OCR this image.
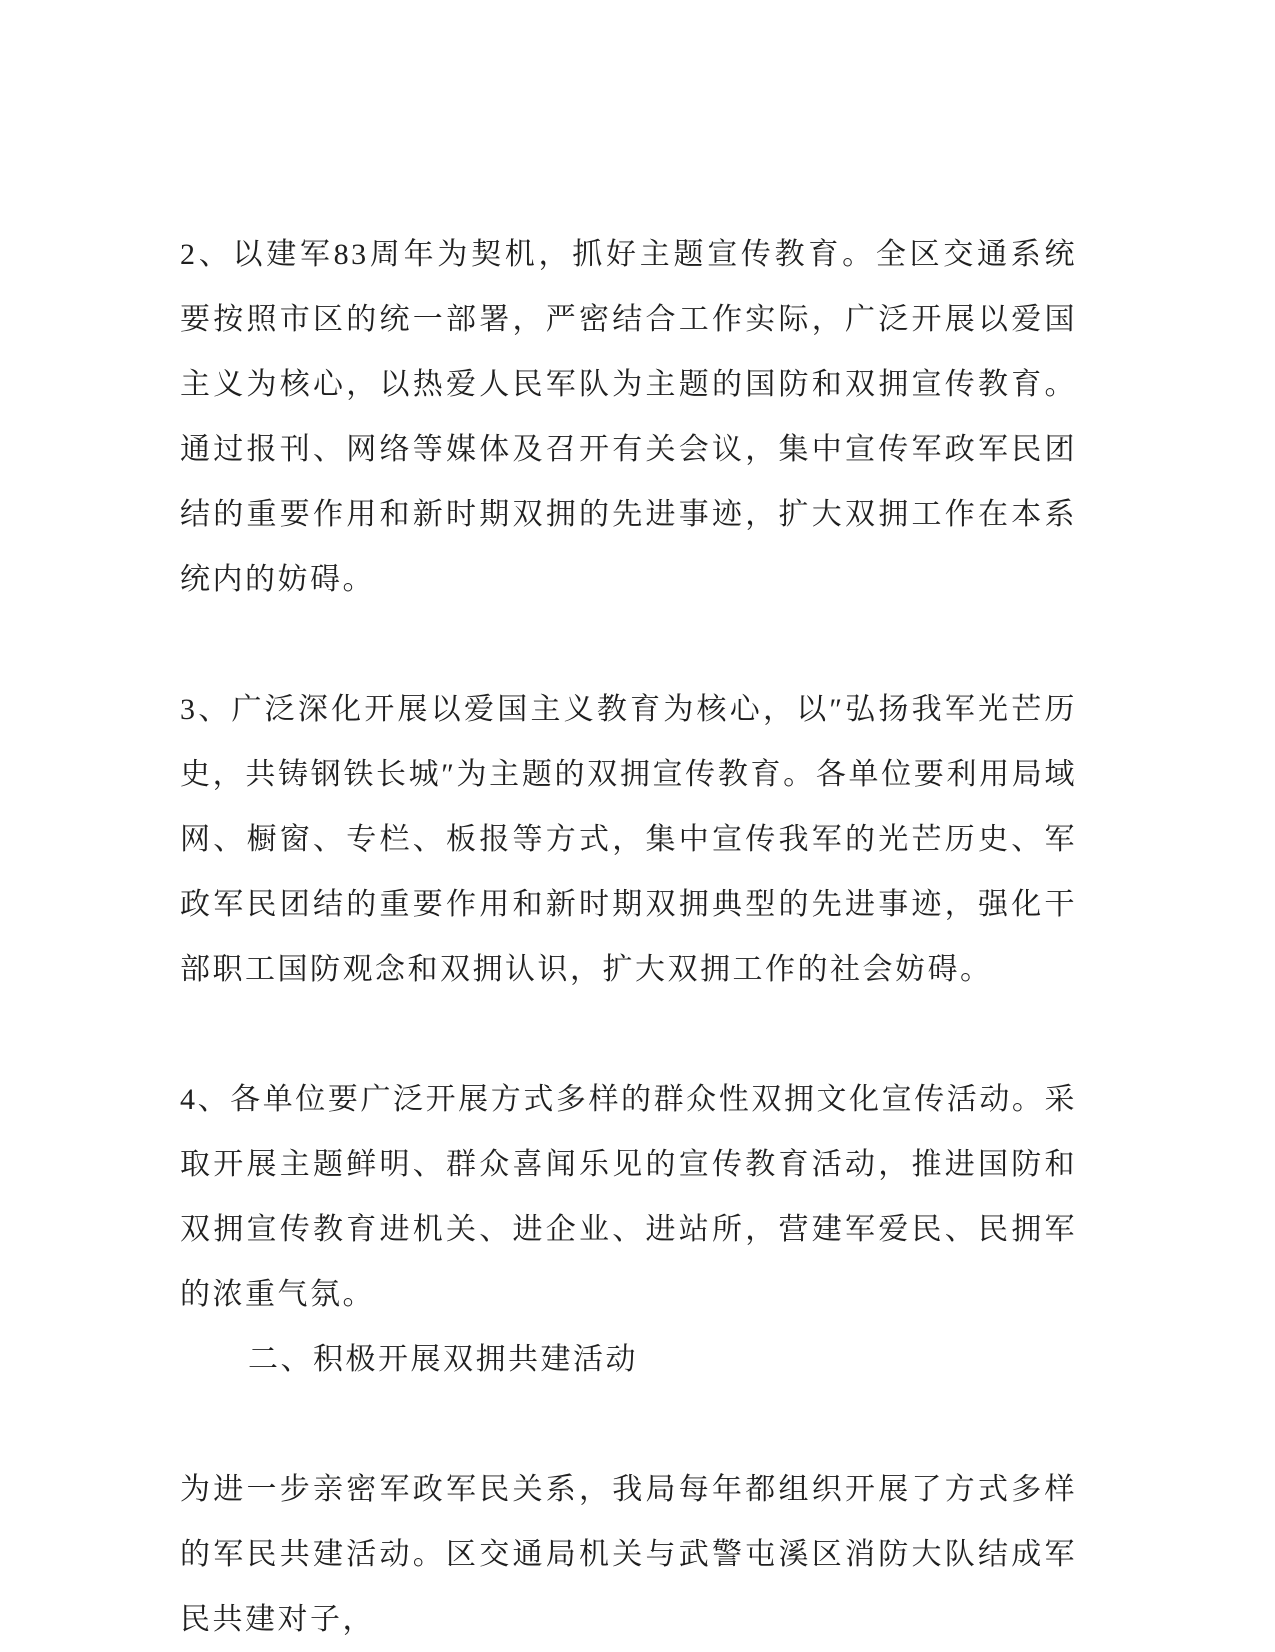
2、以建军83周年为契机，抓好主题宣传教育。全区交通系统要按照市区的统一部署，严密结合工作实际，广泛开展以爱国主义为核心，以热爱人民军队为主题的国防和双拥宣传教育。通过报刊、网络等媒体及召开有关会议，集中宣传军政军民团结的重要作用和新时期双拥的先进事迹，扩大双拥工作在本系统内的妨碍。

3、广泛深化开展以爱国主义教育为核心，以″弘扬我军光芒历史，共铸钢铁长城″为主题的双拥宣传教育。各单位要利用局域网、橱窗、专栏、板报等方式，集中宣传我军的光芒历史、军政军民团结的重要作用和新时期双拥典型的先进事迹，强化干部职工国防观念和双拥认识，扩大双拥工作的社会妨碍。

4、各单位要广泛开展方式多样的群众性双拥文化宣传活动。采取开展主题鲜明、群众喜闻乐见的宣传教育活动，推进国防和双拥宣传教育进机关、进企业、进站所，营建军爱民、民拥军的浓重气氛。

二、积极开展双拥共建活动

为进一步亲密军政军民关系，我局每年都组织开展了方式多样的军民共建活动。区交通局机关与武警屯溪区消防大队结成军民共建对子，
